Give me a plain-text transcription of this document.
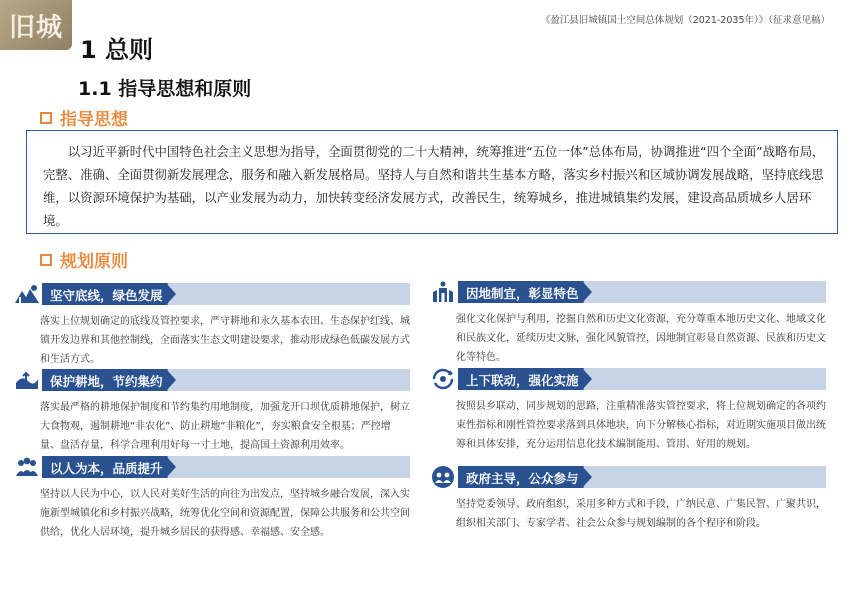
旧城	《盈江县旧城镇国土空间总体规划（2021-2035年）》（征求意见稿）
1 总则
1.1 指导思想和原则
指导思想
以习近平新时代中国特色社会主义思想为指导，全面贯彻党的二十大精神，统筹推进“五位一体”总体布局，协调推进“四个全面”战略布局，完整、准确、全面贯彻新发展理念，服务和融入新发展格局。坚持人与自然和谐共生基本方略，落实乡村振兴和区域协调发展战略，坚持底线思维，以资源环境保护为基础，以产业发展为动力，加快转变经济发展方式，改善民生，统筹城乡，推进城镇集约发展，建设高品质城乡人居环境。
规划原则
坚守底线，绿色发展
落实上位规划确定的底线及管控要求，严守耕地和永久基本农田、生态保护红线、城镇开发边界和其他控制线，全面落实生态文明建设要求，推动形成绿色低碳发展方式和生活方式。
保护耕地，节约集约
落实最严格的耕地保护制度和节约集约用地制度，加强龙开口坝优质耕地保护，树立大食物观，遏制耕地“非农化”、防止耕地“非粮化”，夯实粮食安全根基；严控增量、盘活存量，科学合理利用好每一寸土地，提高国土资源利用效率。
以人为本，品质提升
坚持以人民为中心，以人民对美好生活的向往为出发点，坚持城乡融合发展，深入实施新型城镇化和乡村振兴战略，统筹优化空间和资源配置，保障公共服务和公共空间供给，优化人居环境，提升城乡居民的获得感、幸福感、安全感。
因地制宜，彰显特色
强化文化保护与利用，挖掘自然和历史文化资源，充分尊重本地历史文化、地域文化和民族文化，延续历史文脉，强化风貌管控，因地制宜彰显自然资源、民族和历史文化等特色。
上下联动，强化实施
按照县乡联动，同步规划的思路，注重精准落实管控要求，将上位规划确定的各项约束性指标和刚性管控要求落到具体地块，向下分解核心指标，对近期实施项目做出统筹和具体安排，充分运用信息化技术编制能用、管用、好用的规划。
政府主导，公众参与
坚持党委领导、政府组织，采用多种方式和手段，广纳民意、广集民智、广聚共识，组织相关部门、专家学者、社会公众参与规划编制的各个程序和阶段。
